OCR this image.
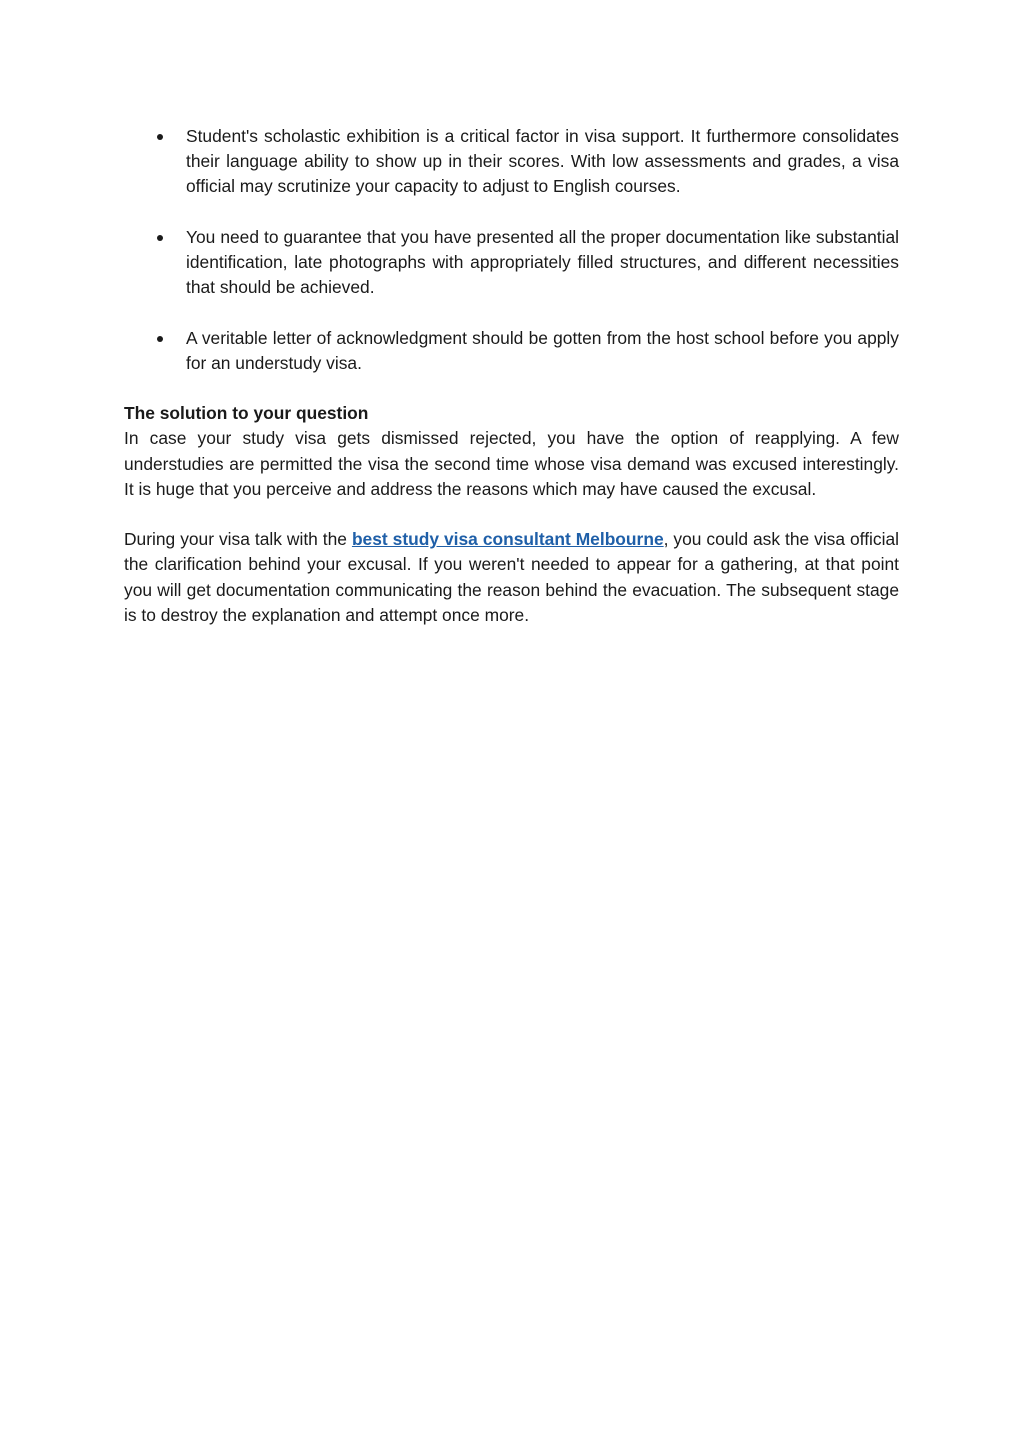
Student's scholastic exhibition is a critical factor in visa support. It furthermore consolidates their language ability to show up in their scores. With low assessments and grades, a visa official may scrutinize your capacity to adjust to English courses.
You need to guarantee that you have presented all the proper documentation like substantial identification, late photographs with appropriately filled structures, and different necessities that should be achieved.
A veritable letter of acknowledgment should be gotten from the host school before you apply for an understudy visa.

The solution to your question

In case your study visa gets dismissed rejected, you have the option of reapplying. A few understudies are permitted the visa the second time whose visa demand was excused interestingly. It is huge that you perceive and address the reasons which may have caused the excusal.

During your visa talk with the best study visa consultant Melbourne, you could ask the visa official the clarification behind your excusal. If you weren't needed to appear for a gathering, at that point you will get documentation communicating the reason behind the evacuation. The subsequent stage is to destroy the explanation and attempt once more.
